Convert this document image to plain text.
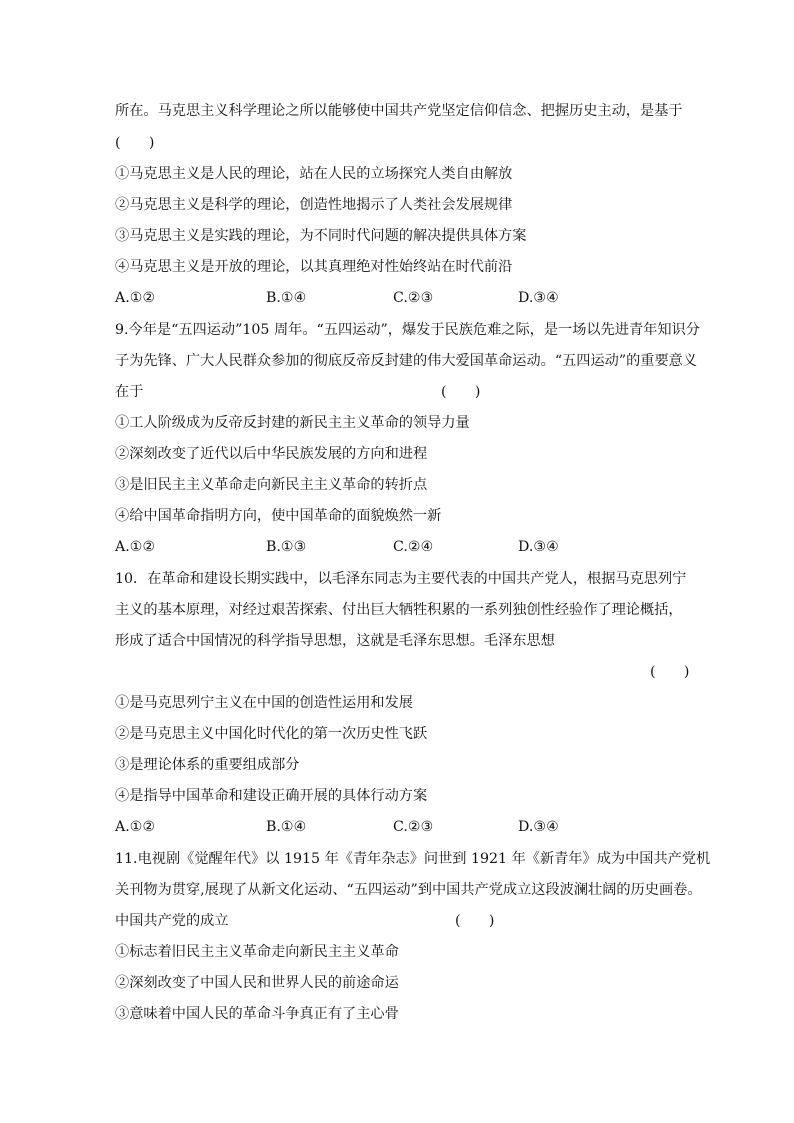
所在。马克思主义科学理论之所以能够使中国共产党坚定信仰信念、把握历史主动，是基于
(　　)
①马克思主义是人民的理论，站在人民的立场探究人类自由解放
②马克思主义是科学的理论，创造性地揭示了人类社会发展规律
③马克思主义是实践的理论，为不同时代问题的解决提供具体方案
④马克思主义是开放的理论，以其真理绝对性始终站在时代前沿
A.①②	B.①④	C.②③	D.③④
9.今年是“五四运动”105 周年。“五四运动”，爆发于民族危难之际，是一场以先进青年知识分
子为先锋、广大人民群众参加的彻底反帝反封建的伟大爱国革命运动。“五四运动”的重要意义
在于	(　　)
①工人阶级成为反帝反封建的新民主主义革命的领导力量
②深刻改变了近代以后中华民族发展的方向和进程
③是旧民主主义革命走向新民主主义革命的转折点
④给中国革命指明方向，使中国革命的面貌焕然一新
A.①②	B.①③	C.②④	D.③④
10．在革命和建设长期实践中，以毛泽东同志为主要代表的中国共产党人，根据马克思列宁
主义的基本原理，对经过艰苦探索、付出巨大牺牲积累的一系列独创性经验作了理论概括，
形成了适合中国情况的科学指导思想，这就是毛泽东思想。毛泽东思想
(　　)
①是马克思列宁主义在中国的创造性运用和发展
②是马克思主义中国化时代化的第一次历史性飞跃
③是理论体系的重要组成部分
④是指导中国革命和建设正确开展的具体行动方案
A.①②	B.①④	C.②③	D.③④
11.电视剧《觉醒年代》以 1915 年《青年杂志》问世到 1921 年《新青年》成为中国共产党机
关刊物为贯穿,展现了从新文化运动、“五四运动”到中国共产党成立这段波澜壮阔的历史画卷。
中国共产党的成立	(　　)
①标志着旧民主主义革命走向新民主主义革命
②深刻改变了中国人民和世界人民的前途命运
③意味着中国人民的革命斗争真正有了主心骨
